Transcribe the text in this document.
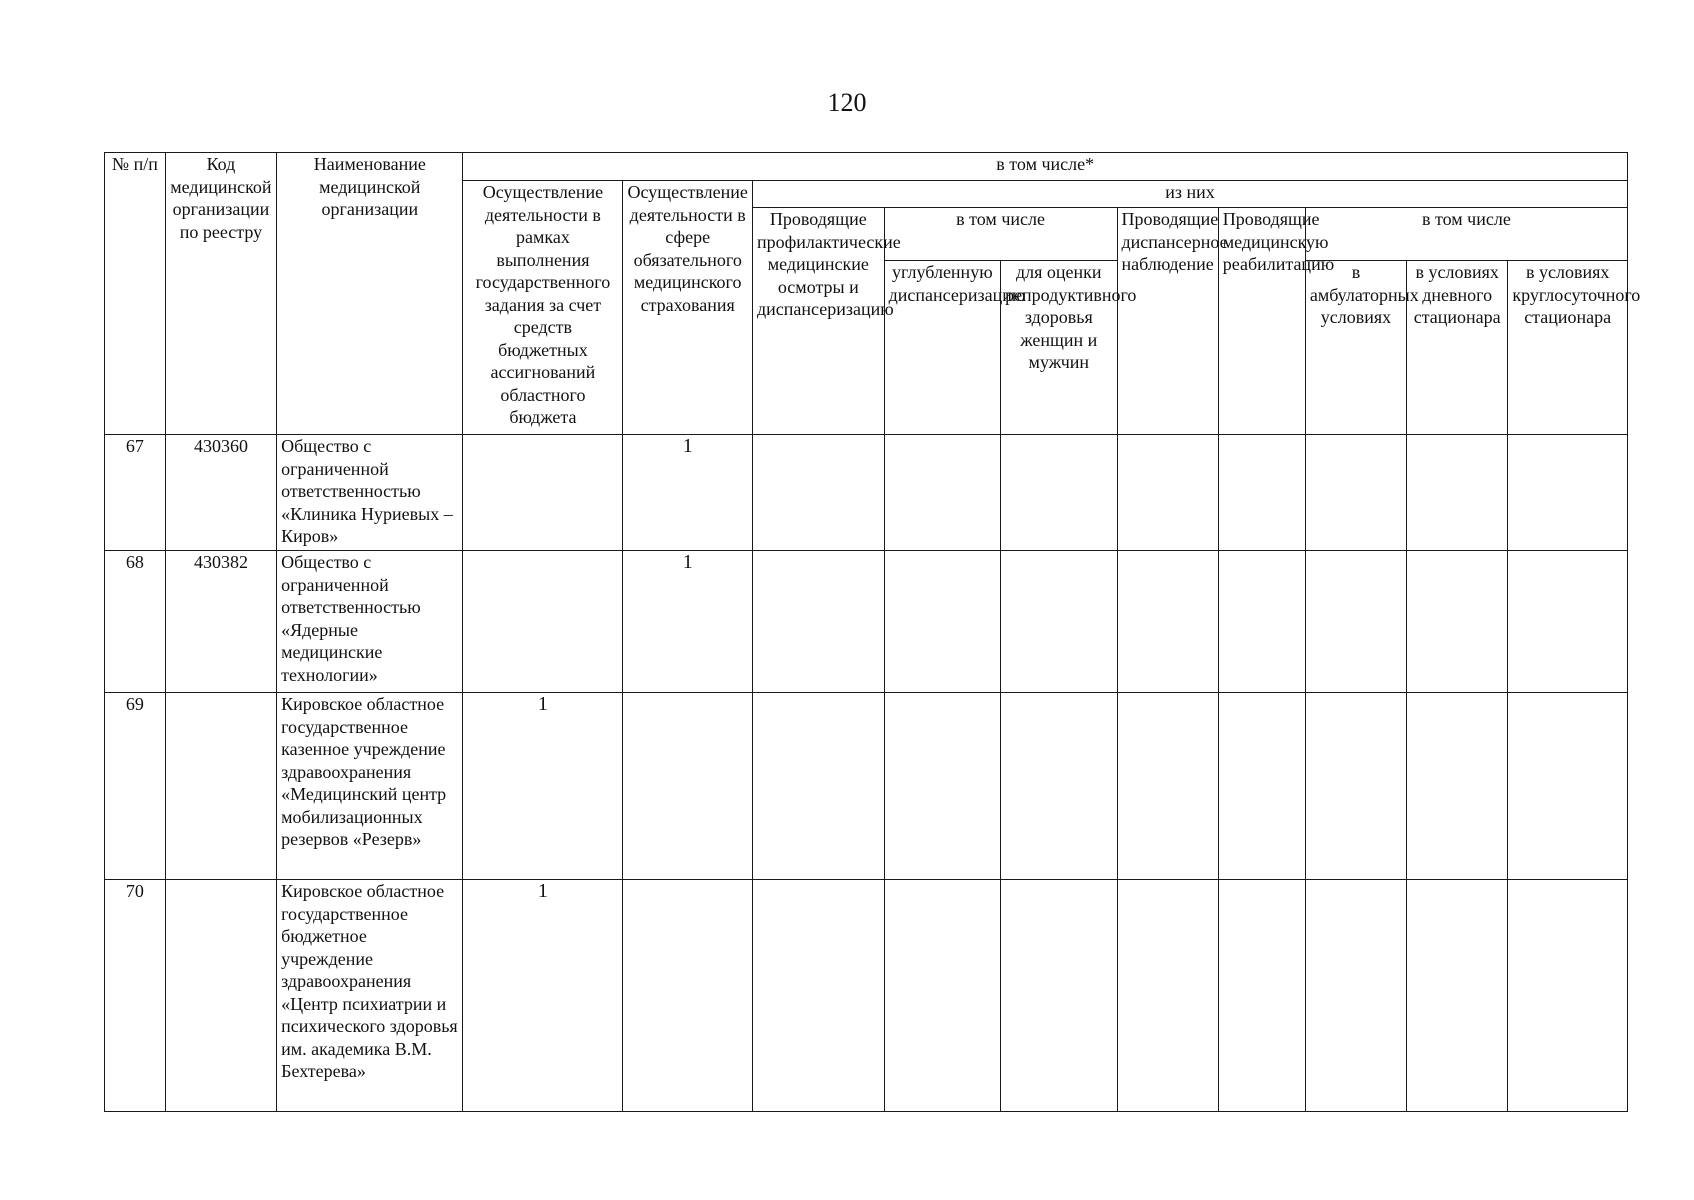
120
№ п/п	Код медицинской организации по реестру	Наименование медицинской организации	в том числе*									
			Осуществление деятельности в рамках выполнения государственного задания за счет средств бюджетных ассигнований областного бюджета	Осуществление деятельности в сфере обязательного медицинского страхования	из них							
					Проводящие профилактические медицинские осмотры и диспансеризацию	в том числе		Проводящие диспансерное наблюдение	Проводящие медицинскую реабилитацию	в том числе		
						углубленную диспансеризацию	для оценки репродуктивного здоровья женщин и мужчин			в амбулаторных условиях	в условиях дневного стационара	в условиях круглосуточного стационара
67	430360	Общество с ограниченной ответственностью «Клиника Нуриевых – Киров»		1								
68	430382	Общество с ограниченной ответственностью «Ядерные медицинские технологии»		1								
69		Кировское областное государственное казенное учреждение здравоохранения «Медицинский центр мобилизационных резервов «Резерв»	1									
70		Кировское областное государственное бюджетное учреждение здравоохранения «Центр психиатрии и психического здоровья им. академика В.М. Бехтерева»	1									
